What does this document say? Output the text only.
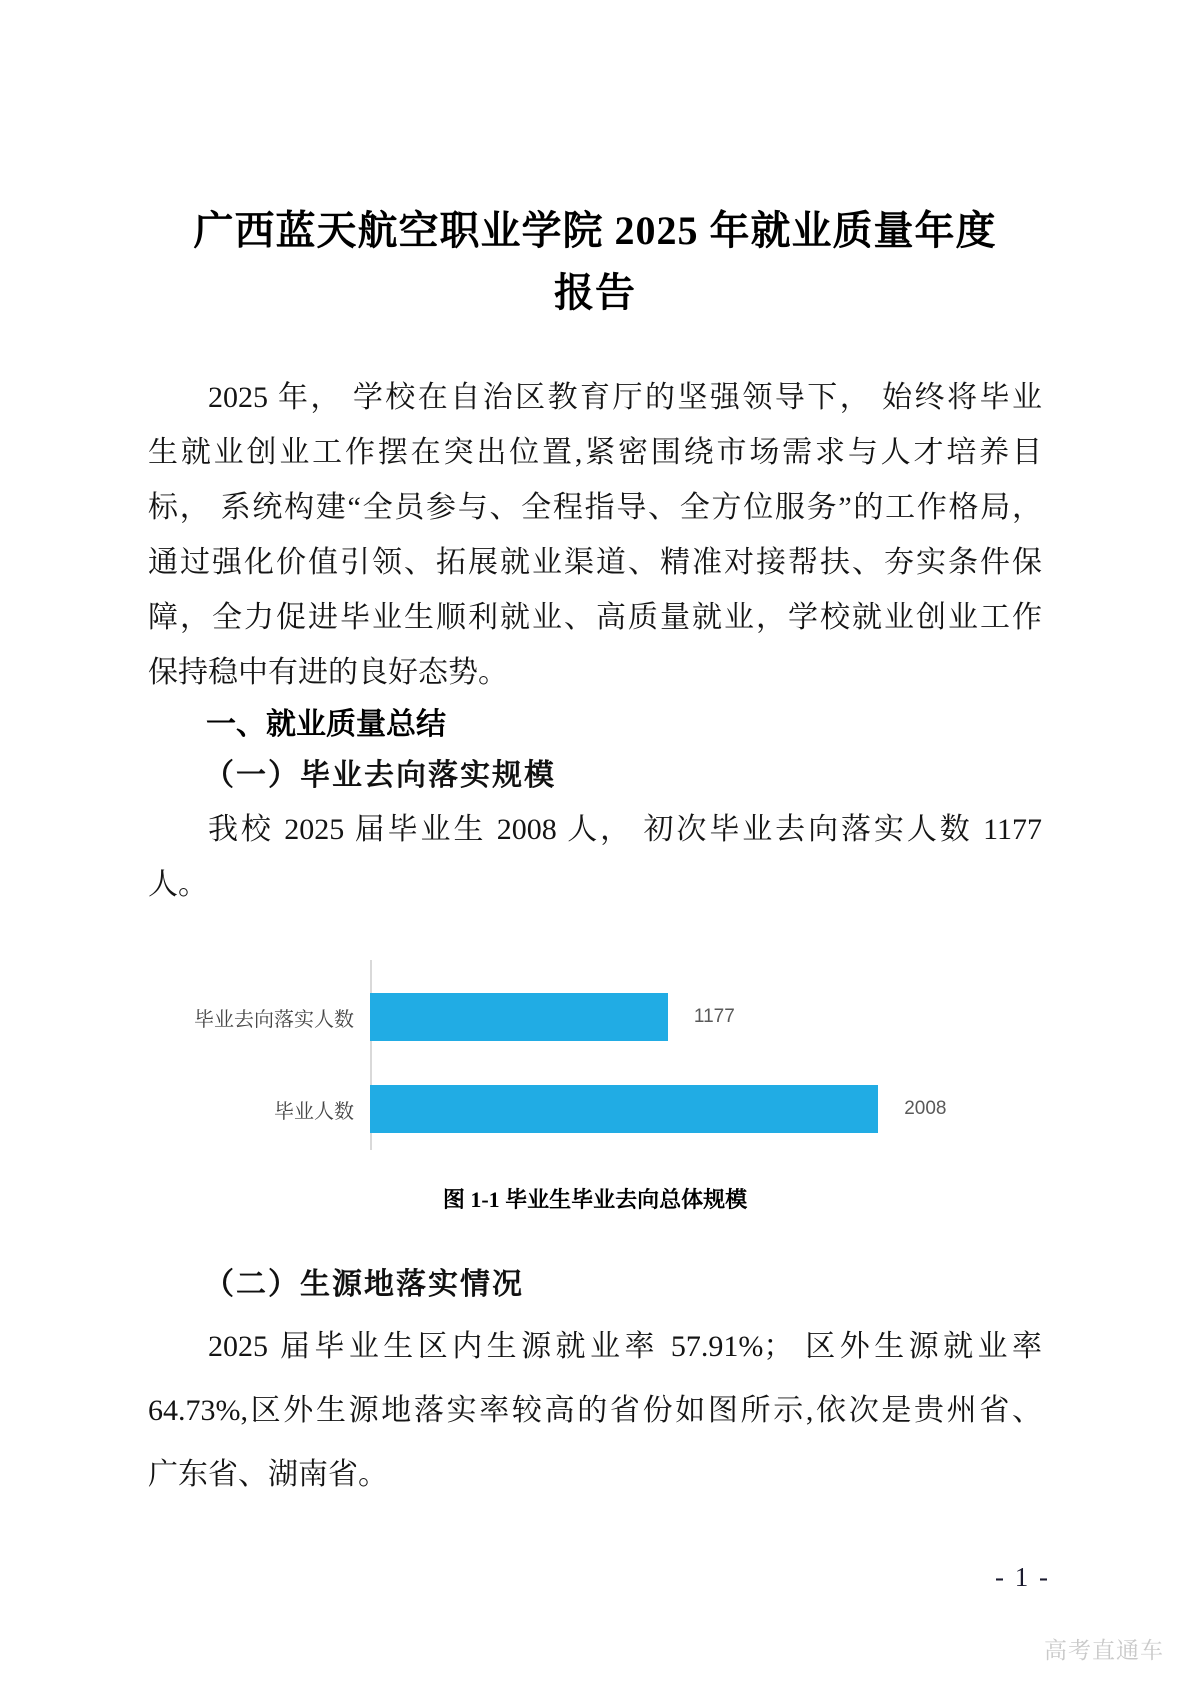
广西蓝天航空职业学院 2025 年就业质量年度
报告
2025 年， 学校在自治区教育厅的坚强领导下， 始终将毕业
生就业创业工作摆在突出位置,紧密围绕市场需求与人才培养目
标， 系统构建“全员参与、全程指导、全方位服务”的工作格局，
通过强化价值引领、拓展就业渠道、精准对接帮扶、夯实条件保
障，全力促进毕业生顺利就业、高质量就业，学校就业创业工作
保持稳中有进的良好态势。
一、就业质量总结
（一）毕业去向落实规模
我校 2025 届毕业生 2008 人， 初次毕业去向落实人数 1177
人。
毕业去向落实人数	1177
毕业人数	2008
图 1-1 毕业生毕业去向总体规模
（二）生源地落实情况
2025 届毕业生区内生源就业率 57.91%； 区外生源就业率
64.73%,区外生源地落实率较高的省份如图所示,依次是贵州省、
广东省、湖南省。
- 1 -
高考直通车
